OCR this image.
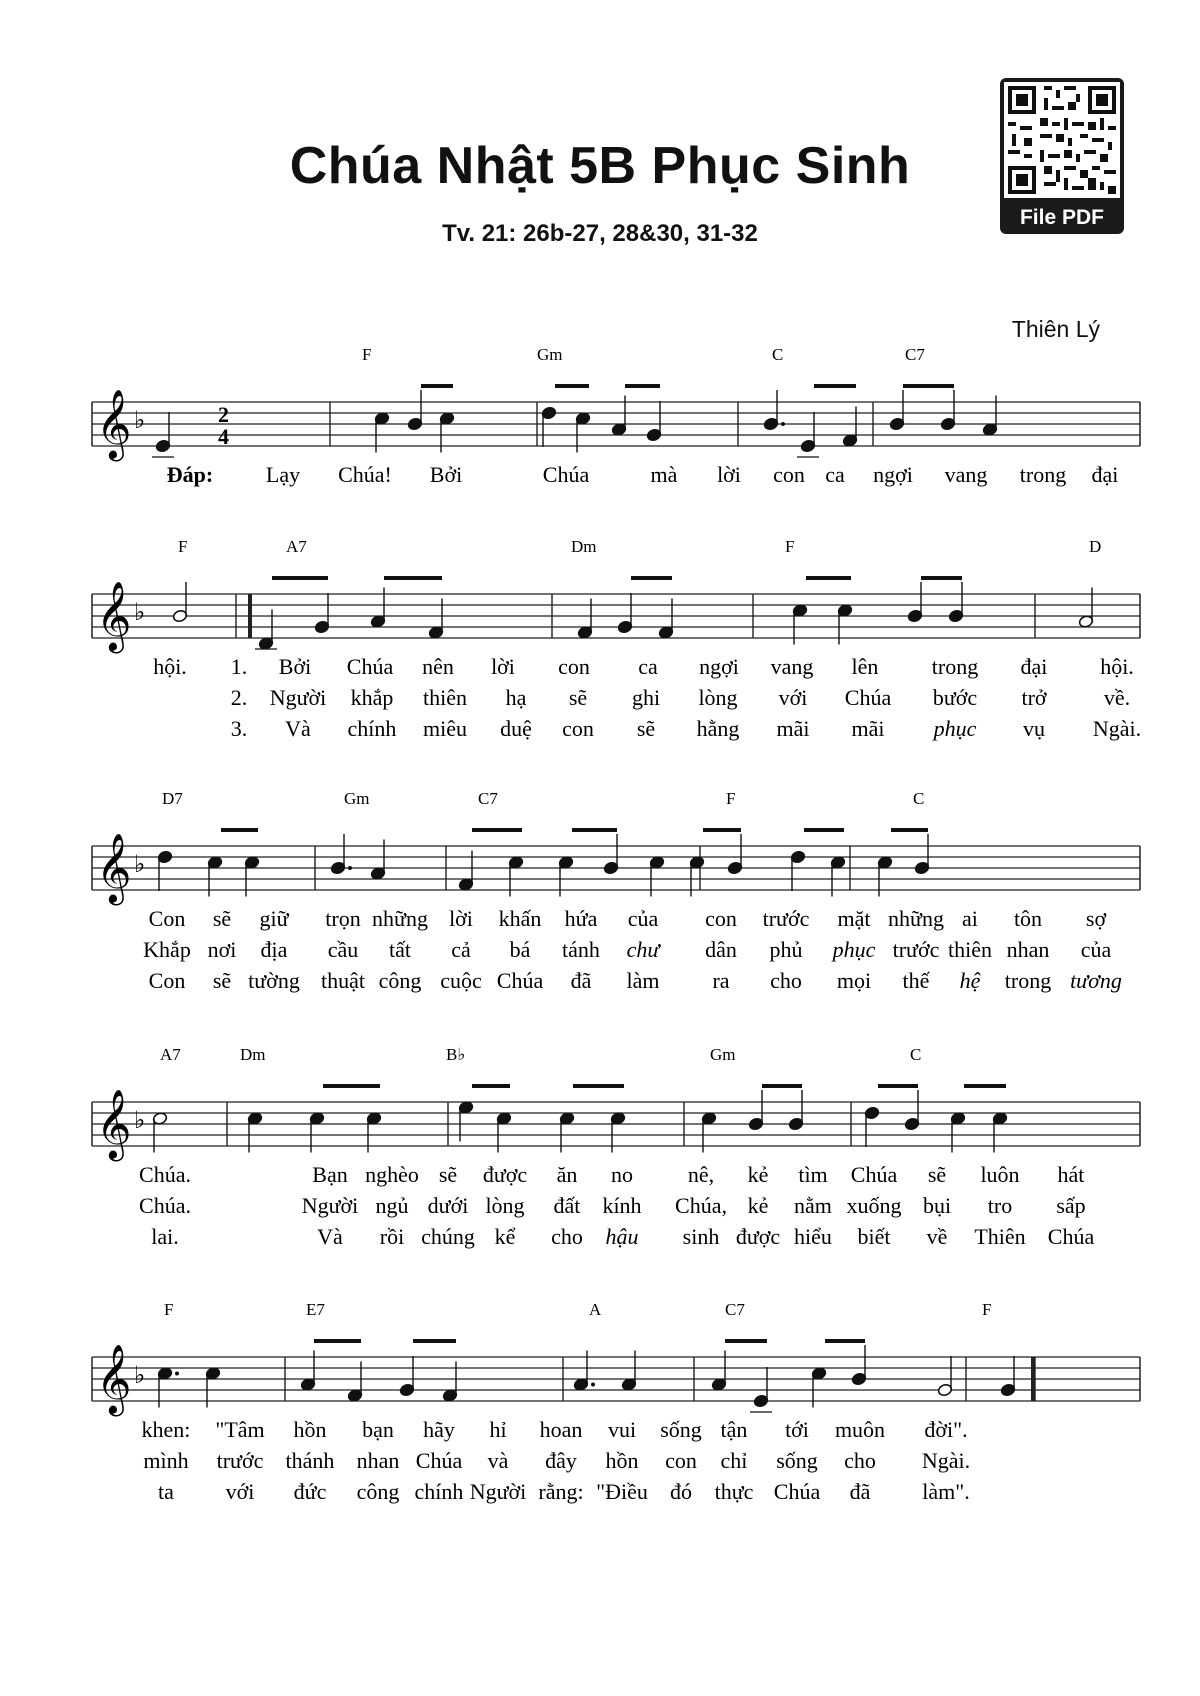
Chúa Nhật 5B Phục Sinh
Tv. 21: 26b-27, 28&30, 31-32
Thiên Lý
File PDF
𝄞 ♭	2
4
F	Gm	C	C7
Đáp: Lạy Chúa! Bởi	Chúa	mà lời con ca ngợi vang trong đại
𝄞 ♭
F	A7	Dm	F	D
hội. 1. Bởi Chúa nên lời con ca ngợi vang lên trong đại hội.
2. Người khắp thiên hạ sẽ ghi lòng với Chúa bước trở	về.
3. Và chính miêu duệ con sẽ hằng mãi mãi phục vụ Ngài.
𝄞 ♭
D7	Gm	C7	F	C
Con sẽ giữ trọn những lời khấn hứa của con trước mặt những ai tôn sợ
Khắp nơi địa cầu tất cả bá tánh chư dân phủ phục trước thiên nhan của
Con sẽ tường thuật công cuộc Chúa đã làm ra cho mọi thế hệ trong tương
𝄞 ♭
A7	Dm	B♭	Gm	C
Chúa.	Bạn nghèo sẽ được ăn no nê, kẻ tìm Chúa sẽ luôn hát
Chúa.	Người ngủ dưới lòng đất kính Chúa, kẻ nằm xuống bụi tro sấp
lai.	Và rồi chúng kể cho hậu sinh được hiểu biết về Thiên Chúa
𝄞 ♭
F	E7	A	C7	F
khen: "Tâm hồn bạn hãy hỉ hoan vui sống tận tới muôn đời".
mình trước thánh nhan Chúa và đây hồn con chỉ sống cho Ngài.
ta với đức công chính Người rằng: "Điều đó thực Chúa đã làm".
